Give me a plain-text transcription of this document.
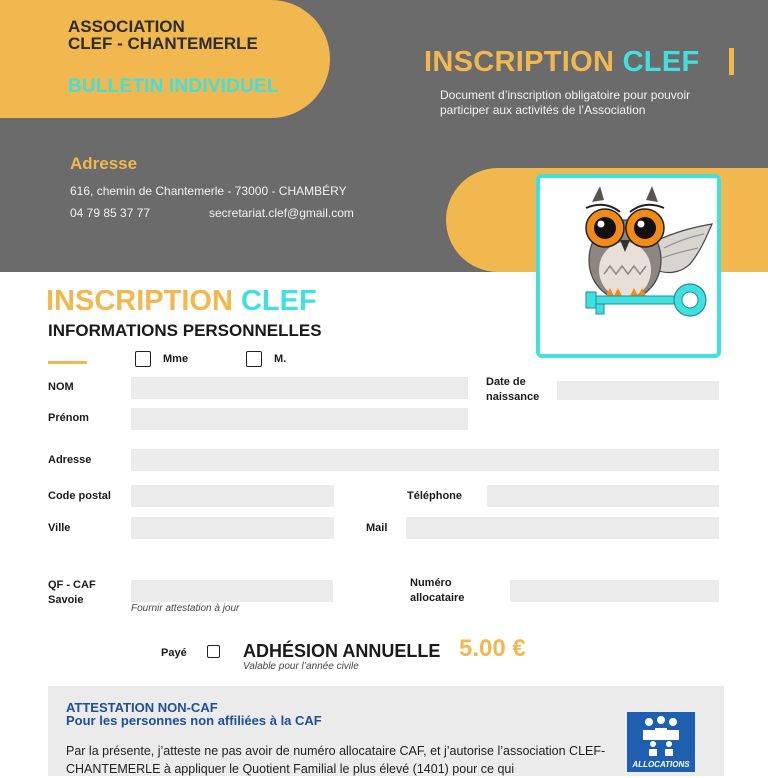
ASSOCIATION
CLEF - CHANTEMERLE
BULLETIN INDIVIDUEL
INSCRIPTION CLEF
Document d’inscription obligatoire pour pouvoir
participer aux activités de l’Association
Adresse
616, chemin de Chantemerle - 73000 - CHAMBÉRY
04 79 85 37 77	secretariat.clef@gmail.com
INSCRIPTION CLEF
INFORMATIONS PERSONNELLES
Mme	M.
NOM	Date de
naissance
Prénom
Adresse
Code postal	Téléphone
Ville	Mail
QF - CAF
Savoie
Fournir attestation à jour
Numéro
allocataire
Payé	ADHÉSION ANNUELLE
Valable pour l’année civile
5.00 €
ATTESTATION NON-CAF
Pour les personnes non affiliées à la CAF
Par la présente, j’atteste ne pas avoir de numéro allocataire CAF, et j’autorise l’association CLEF-CHANTEMERLE à appliquer le Quotient Familial le plus élevé (1401) pour ce qui	ALLOCATIONS
